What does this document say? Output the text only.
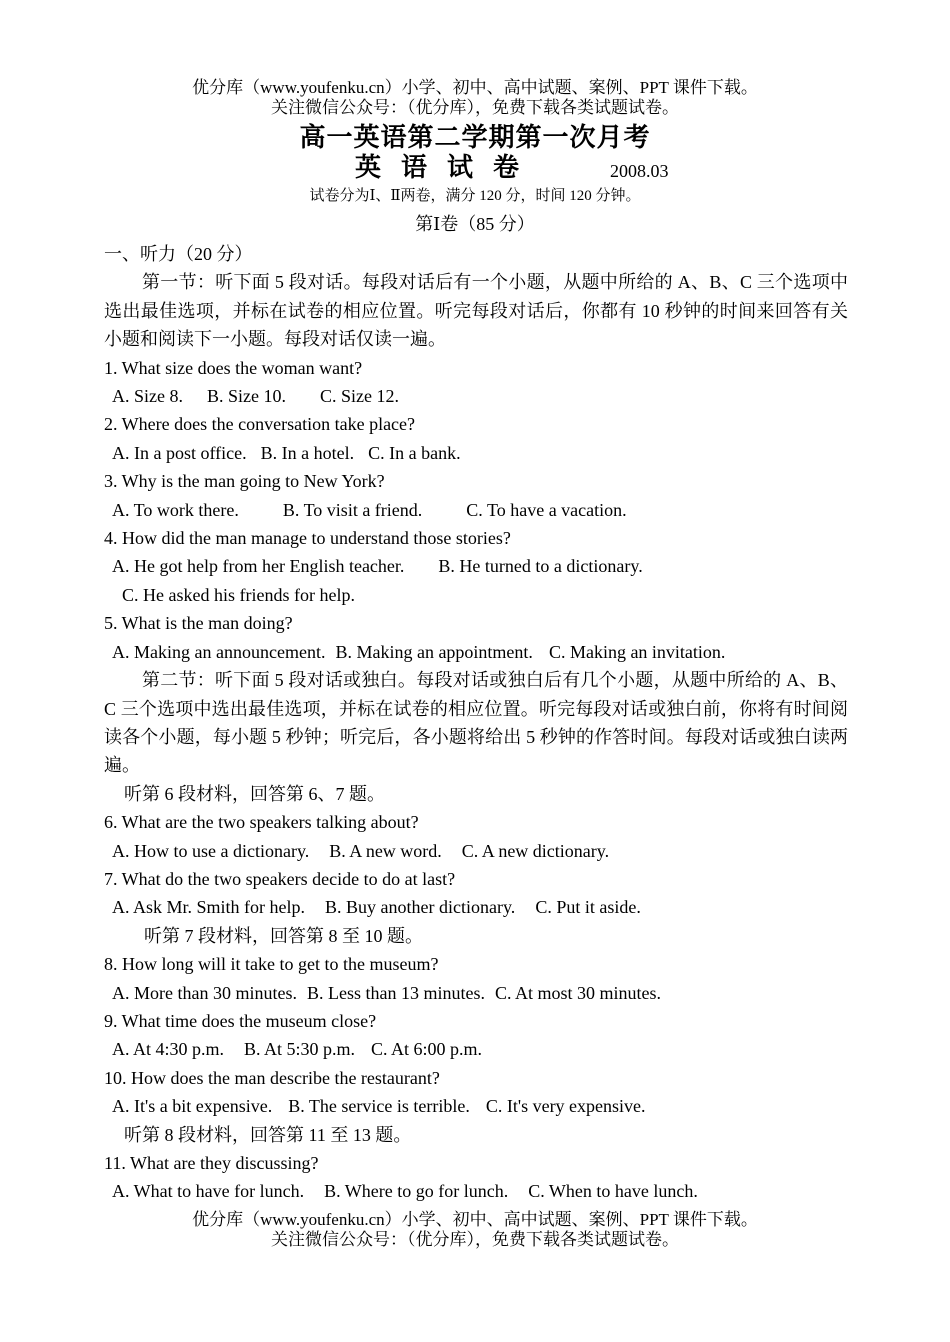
优分库（www.youfenku.cn）小学、初中、高中试题、案例、PPT 课件下载。
关注微信公众号：（优分库），免费下载各类试题试卷。
高一英语第二学期第一次月考
英语试卷	2008.03
试卷分为Ⅰ、Ⅱ两卷，满分 120 分，时间 120 分钟。
第Ⅰ卷（85 分）
一、听力（20 分）
第一节：听下面 5 段对话。每段对话后有一个小题，从题中所给的 A、B、C 三个选项中选出最佳选项，并标在试卷的相应位置。听完每段对话后，你都有 10 秒钟的时间来回答有关小题和阅读下一小题。每段对话仅读一遍。
1. What size does the woman want?
A. Size 8. B. Size 10. C. Size 12.
2. Where does the conversation take place?
A. In a post office. B. In a hotel. C. In a bank.
3. Why is the man going to New York?
A. To work there. B. To visit a friend. C. To have a vacation.
4. How did the man manage to understand those stories?
A. He got help from her English teacher. B. He turned to a dictionary.
C. He asked his friends for help.
5. What is the man doing?
A. Making an announcement. B. Making an appointment. C. Making an invitation.
第二节：听下面 5 段对话或独白。每段对话或独白后有几个小题，从题中所给的 A、B、C 三个选项中选出最佳选项，并标在试卷的相应位置。听完每段对话或独白前，你将有时间阅读各个小题，每小题 5 秒钟；听完后，各小题将给出 5 秒钟的作答时间。每段对话或独白读两遍。
听第 6 段材料，回答第 6、7 题。
6. What are the two speakers talking about?
A. How to use a dictionary. B. A new word. C. A new dictionary.
7. What do the two speakers decide to do at last?
A. Ask Mr. Smith for help. B. Buy another dictionary. C. Put it aside.
听第 7 段材料，回答第 8 至 10 题。
8. How long will it take to get to the museum?
A. More than 30 minutes. B. Less than 13 minutes. C. At most 30 minutes.
9. What time does the museum close?
A. At 4:30 p.m. B. At 5:30 p.m. C. At 6:00 p.m.
10. How does the man describe the restaurant?
A. It's a bit expensive. B. The service is terrible. C. It's very expensive.
听第 8 段材料，回答第 11 至 13 题。
11. What are they discussing?
A. What to have for lunch. B. Where to go for lunch. C. When to have lunch.
优分库（www.youfenku.cn）小学、初中、高中试题、案例、PPT 课件下载。
关注微信公众号：（优分库），免费下载各类试题试卷。
